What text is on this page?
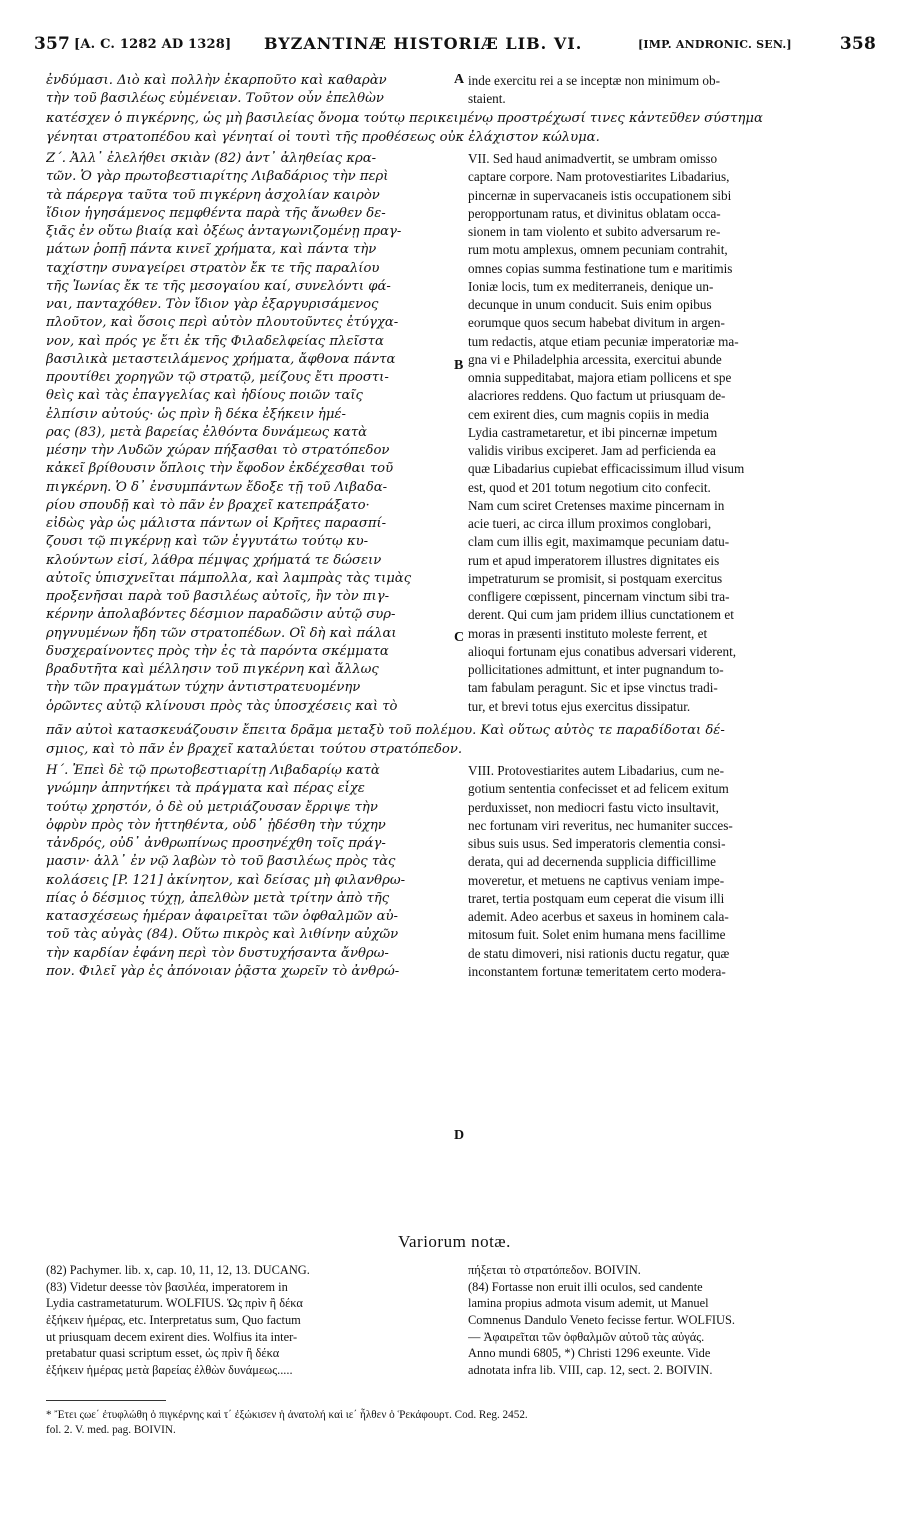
357 [A. C. 1282 AD 1328] BYZANTINÆ HISTORIÆ LIB. VI.	[IMP. ANDRONIC. SEN.]	358
ἐνδύμασι. Διὸ καὶ πολλὴν ἐκαρποῦτο καὶ καθαρὰν
τὴν τοῦ βασιλέως εὐμένειαν. Τοῦτον οὖν ἐπελθὼν
inde exercitu rei a se inceptæ non minimum ob-
staient.
κατέσχεν ὁ πιγκέρνης, ὡς μὴ βασιλείας ὄνομα τούτῳ περικειμένῳ προστρέχωσί τινες κἀντεῦθεν σύστημα
γένηται στρατοπέδου καὶ γένηταί οἱ τουτὶ τῆς προθέσεως οὐκ ἐλάχιστον κώλυμα.
Ζ΄. Ἀλλ᾽ ἐλελήθει σκιὰν (82) ἀντ᾽ ἀληθείας κρα-
τῶν. Ὁ γὰρ πρωτοβεστιαρίτης Λιβαδάριος τὴν περὶ
τὰ πάρεργα ταῦτα τοῦ πιγκέρνη ἀσχολίαν καιρὸν
ἴδιον ἡγησάμενος πεμφθέντα παρὰ τῆς ἄνωθεν δε-
ξιᾶς ἐν οὕτω βιαίᾳ καὶ ὀξέως ἀνταγωνιζομένῃ πραγ-
μάτων ῥοπῇ πάντα κινεῖ χρήματα, καὶ πάντα τὴν
ταχίστην συναγείρει στρατὸν ἔκ τε τῆς παραλίου
τῆς Ἰωνίας ἔκ τε τῆς μεσογαίου καί, συνελόντι φά-
ναι, πανταχόθεν. Τὸν ἴδιον γὰρ ἐξαργυρισάμενος
πλοῦτον, καὶ ὅσοις περὶ αὐτὸν πλουτοῦντες ἐτύγχα-
νον, καὶ πρός γε ἔτι ἐκ τῆς Φιλαδελφείας πλεῖστα
βασιλικὰ μεταστειλάμενος χρήματα, ἄφθονα πάντα
προυτίθει χορηγῶν τῷ στρατῷ, μείζους ἔτι προστι-
θεὶς καὶ τὰς ἐπαγγελίας καὶ ἡδίους ποιῶν ταῖς
ἐλπίσιν αὐτούς· ὡς πρὶν ἢ δέκα ἐξήκειν ἡμέ-
ρας (83), μετὰ βαρείας ἐλθόντα δυνάμεως κατὰ
μέσην τὴν Λυδῶν χώραν πήξασθαι τὸ στρατόπεδον
κἀκεῖ βρίθουσιν ὅπλοις τὴν ἔφοδον ἐκδέχεσθαι τοῦ
πιγκέρνη. Ὁ δ᾽ ἐνσυμπάντων ἔδοξε τῇ τοῦ Λιβαδα-
ρίου σπουδῇ καὶ τὸ πᾶν ἐν βραχεῖ κατεπράξατο·
εἰδὼς γὰρ ὡς μάλιστα πάντων οἱ Κρῆτες παρασπί-
ζουσι τῷ πιγκέρνῃ καὶ τῶν ἐγγυτάτω τούτῳ κυ-
κλούντων εἰσί, λάθρα πέμψας χρήματά τε δώσειν
αὐτοῖς ὑπισχνεῖται πάμπολλα, καὶ λαμπρὰς τὰς τιμὰς
προξενῆσαι παρὰ τοῦ βασιλέως αὐτοῖς, ἢν τὸν πιγ-
κέρνην ἀπολαβόντες δέσμιον παραδῶσιν αὐτῷ συρ-
ρηγνυμένων ἤδη τῶν στρατοπέδων. Οἳ δὴ καὶ πάλαι
δυσχεραίνοντες πρὸς τὴν ἐς τὰ παρόντα σκέμματα
βραδυτῆτα καὶ μέλλησιν τοῦ πιγκέρνη καὶ ἄλλως
τὴν τῶν πραγμάτων τύχην ἀντιστρατευομένην
ὁρῶντες αὐτῷ κλίνουσι πρὸς τὰς ὑποσχέσεις καὶ τὸ
VII. Sed haud animadvertit, se umbram omisso
captare corpore. Nam protovestiarites Libadarius,
pincernæ in supervacaneis istis occupationem sibi
peropportunam ratus, et divinitus oblatam occa-
sionem in tam violento et subito adversarum re-
rum motu amplexus, omnem pecuniam contrahit,
omnes copias summa festinatione tum e maritimis
Ioniæ locis, tum ex mediterraneis, denique un-
decunque in unum conducit. Suis enim opibus
eorumque quos secum habebat divitum in argen-
tum redactis, atque etiam pecuniæ imperatoriæ ma-
gna vi e Philadelphia arcessita, exercitui abunde
omnia suppeditabat, majora etiam pollicens et spe
alacriores reddens. Quo factum ut priusquam de-
cem exirent dies, cum magnis copiis in media
Lydia castrametaretur, et ibi pincernæ impetum
validis viribus exciperet. Jam ad perficienda ea
quæ Libadarius cupiebat efficacissimum illud visum
est, quod et 201 totum negotium cito confecit.
Nam cum sciret Cretenses maxime pincernam in
acie tueri, ac circa illum proximos conglobari,
clam cum illis egit, maximamque pecuniam datu-
rum et apud imperatorem illustres dignitates eis
impetraturum se promisit, si postquam exercitus
confligere cœpissent, pincernam vinctum sibi tra-
derent. Qui cum jam pridem illius cunctationem et
moras in præsenti instituto moleste ferrent, et
alioqui fortunam ejus conatibus adversari viderent,
pollicitationes admittunt, et inter pugnandum to-
tam fabulam peragunt. Sic et ipse vinctus tradi-
tur, et brevi totus ejus exercitus dissipatur.
πᾶν αὐτοὶ κατασκευάζουσιν ἔπειτα δρᾶμα μεταξὺ τοῦ πολέμου. Καὶ οὕτως αὐτὸς τε παραδίδοται δέ-
σμιος, καὶ τὸ πᾶν ἐν βραχεῖ καταλύεται τούτου στρατόπεδον.
Η΄. Ἐπεὶ δὲ τῷ πρωτοβεστιαρίτῃ Λιβαδαρίῳ κατὰ
γνώμην ἀπηντήκει τὰ πράγματα καὶ πέρας εἶχε
τούτῳ χρηστόν, ὁ δὲ οὐ μετριάζουσαν ἔρριψε τὴν
ὀφρὺν πρὸς τὸν ἡττηθέντα, οὐδ᾽ ᾐδέσθη τὴν τύχην
τἀνδρός, οὐδ᾽ ἀνθρωπίνως προσηνέχθη τοῖς πράγ-
μασιν· ἀλλ᾽ ἐν νῷ λαβὼν τὸ τοῦ βασιλέως πρὸς τὰς
κολάσεις [P. 121] ἀκίνητον, καὶ δείσας μὴ φιλανθρω-
πίας ὁ δέσμιος τύχῃ, ἀπελθὼν μετὰ τρίτην ἀπὸ τῆς
κατασχέσεως ἡμέραν ἀφαιρεῖται τῶν ὀφθαλμῶν αὐ-
τοῦ τὰς αὐγὰς (84). Οὕτω πικρὸς καὶ λιθίνην αὐχῶν
τὴν καρδίαν ἐφάνη περὶ τὸν δυστυχήσαντα ἄνθρω-
πον. Φιλεῖ γὰρ ἐς ἀπόνοιαν ῥᾷστα χωρεῖν τὸ ἀνθρώ-
VIII. Protovestiarites autem Libadarius, cum ne-
gotium sententia confecisset et ad felicem exitum
perduxisset, non mediocri fastu victo insultavit,
nec fortunam viri reveritus, nec humaniter succes-
sibus suis usus. Sed imperatoris clementia consi-
derata, qui ad decernenda supplicia difficillime
moveretur, et metuens ne captivus veniam impe-
traret, tertia postquam eum ceperat die visum illi
ademit. Adeo acerbus et saxeus in hominem cala-
mitosum fuit. Solet enim humana mens facillime
de statu dimoveri, nisi rationis ductu regatur, quæ
inconstantem fortunæ temeritatem certo modera-
A
B
C
D
Variorum notæ.
(82) Pachymer. lib. x, cap. 10, 11, 12, 13. DUCANG.
(83) Videtur deesse τὸν βασιλέα, imperatorem in
Lydia castrametaturum. WOLFIUS. Ὡς πρὶν ἢ δέκα
ἐξήκειν ἡμέρας, etc. Interpretatus sum, Quo factum
ut priusquam decem exirent dies. Wolfius ita inter-
pretabatur quasi scriptum esset, ὡς πρὶν ἢ δέκα
ἐξήκειν ἡμέρας μετὰ βαρείας ἐλθὼν δυνάμεως.....
πήξεται τὸ στρατόπεδον. BOIVIN.
(84) Fortasse non eruit illi oculos, sed candente
lamina propius admota visum ademit, ut Manuel
Comnenus Dandulo Veneto fecisse fertur. WOLFIUS.
— Ἀφαιρεῖται τῶν ὀφθαλμῶν αὐτοῦ τὰς αὐγάς.
Anno mundi 6805, *) Christi 1296 exeunte. Vide
adnotata infra lib. VIII, cap. 12, sect. 2. BOIVIN.
* Ἔτει ςωε΄ ἐτυφλώθη ὁ πιγκέρνης καὶ τ΄ ἐξώκισεν ἡ ἀνατολή καὶ ιε΄ ἦλθεν ὁ Ῥεκάφουρτ. Cod. Reg. 2452.
fol. 2. V. med. pag. BOIVIN.
